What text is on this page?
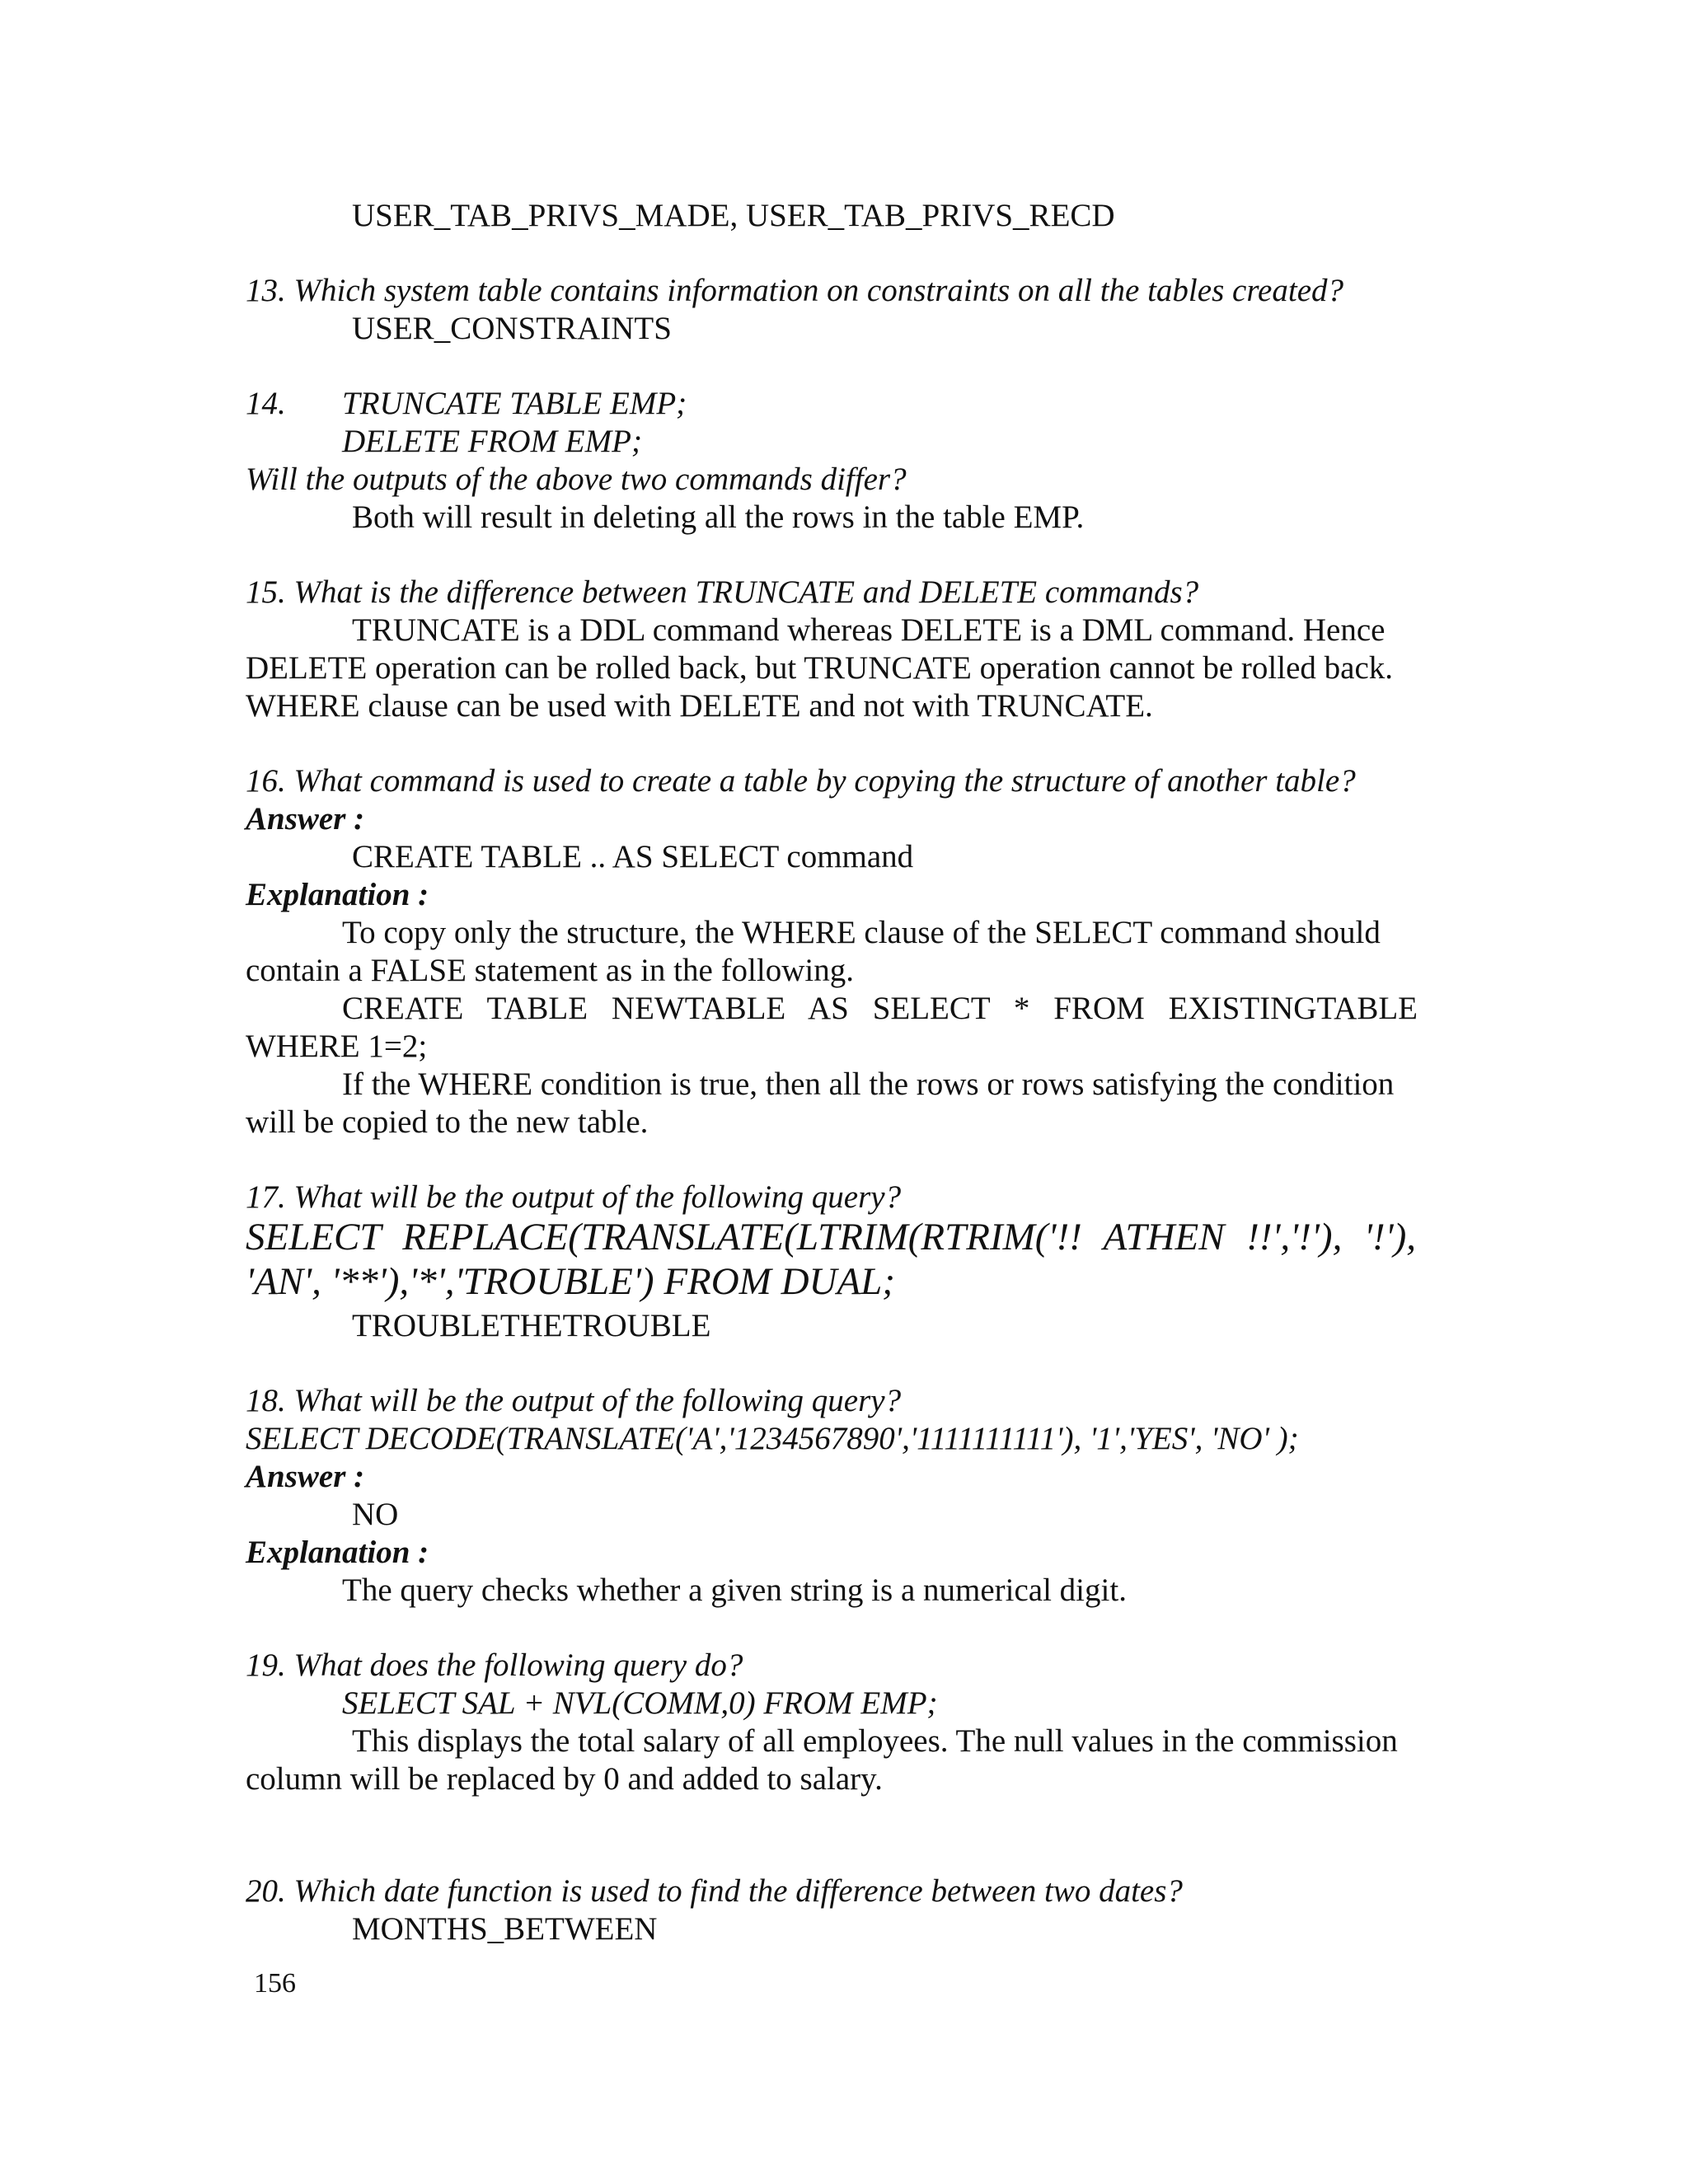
USER_TAB_PRIVS_MADE, USER_TAB_PRIVS_RECD

13. Which system table contains information on constraints on all the tables created?

USER_CONSTRAINTS

14. TRUNCATE TABLE EMP;

DELETE FROM EMP;

Will the outputs of the above two commands differ?

Both will result in deleting all the rows in the table EMP.

15. What is the difference between TRUNCATE and DELETE commands?

TRUNCATE is a DDL command whereas DELETE is a DML command. Hence

DELETE operation can be rolled back, but TRUNCATE operation cannot be rolled back.

WHERE clause can be used with DELETE and not with TRUNCATE.

16. What command is used to create a table by copying the structure of another table?

Answer :

CREATE TABLE .. AS SELECT command

Explanation :

To copy only the structure, the WHERE clause of the SELECT command should

contain a FALSE statement as in the following.

CREATE TABLE NEWTABLE AS SELECT * FROM EXISTINGTABLE

WHERE 1=2;

If the WHERE condition is true, then all the rows or rows satisfying the condition

will be copied to the new table.

17. What will be the output of the following query?

SELECT REPLACE(TRANSLATE(LTRIM(RTRIM('!! ATHEN !!','!'), '!'),

'AN', '**'),'*','TROUBLE') FROM DUAL;

TROUBLETHETROUBLE

18. What will be the output of the following query?

SELECT DECODE(TRANSLATE('A','1234567890','1111111111'), '1','YES', 'NO' );

Answer :

NO

Explanation :

The query checks whether a given string is a numerical digit.

19. What does the following query do?

SELECT SAL + NVL(COMM,0) FROM EMP;

This displays the total salary of all employees. The null values in the commission

column will be replaced by 0 and added to salary.

20. Which date function is used to find the difference between two dates?

MONTHS_BETWEEN

156
